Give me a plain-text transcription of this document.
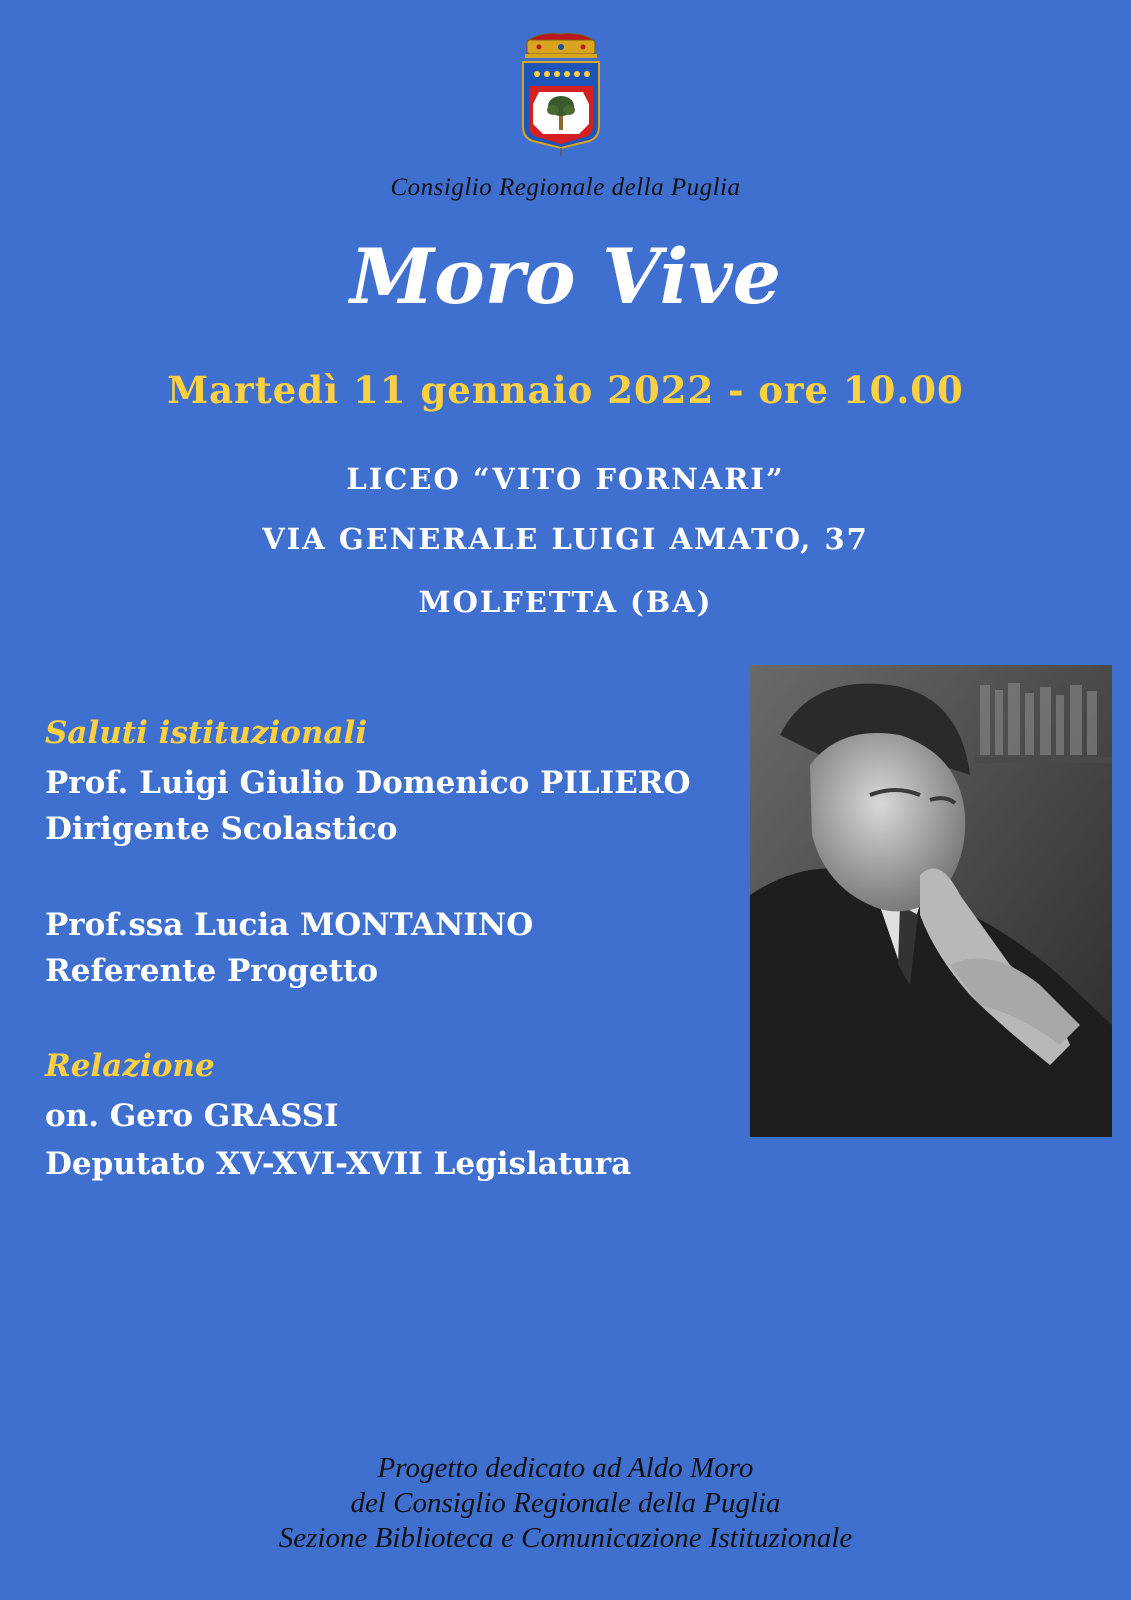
Consiglio Regionale della Puglia
Moro Vive
Martedì 11 gennaio 2022 - ore 10.00
LICEO “VITO FORNARI”
VIA GENERALE LUIGI AMATO, 37
MOLFETTA (BA)
Saluti istituzionali
Prof. Luigi Giulio Domenico PILIERO
Dirigente Scolastico
Prof.ssa Lucia MONTANINO
Referente Progetto
Relazione
on. Gero GRASSI
Deputato XV-XVI-XVII Legislatura
Progetto dedicato ad Aldo Moro
del Consiglio Regionale della Puglia
Sezione Biblioteca e Comunicazione Istituzionale
